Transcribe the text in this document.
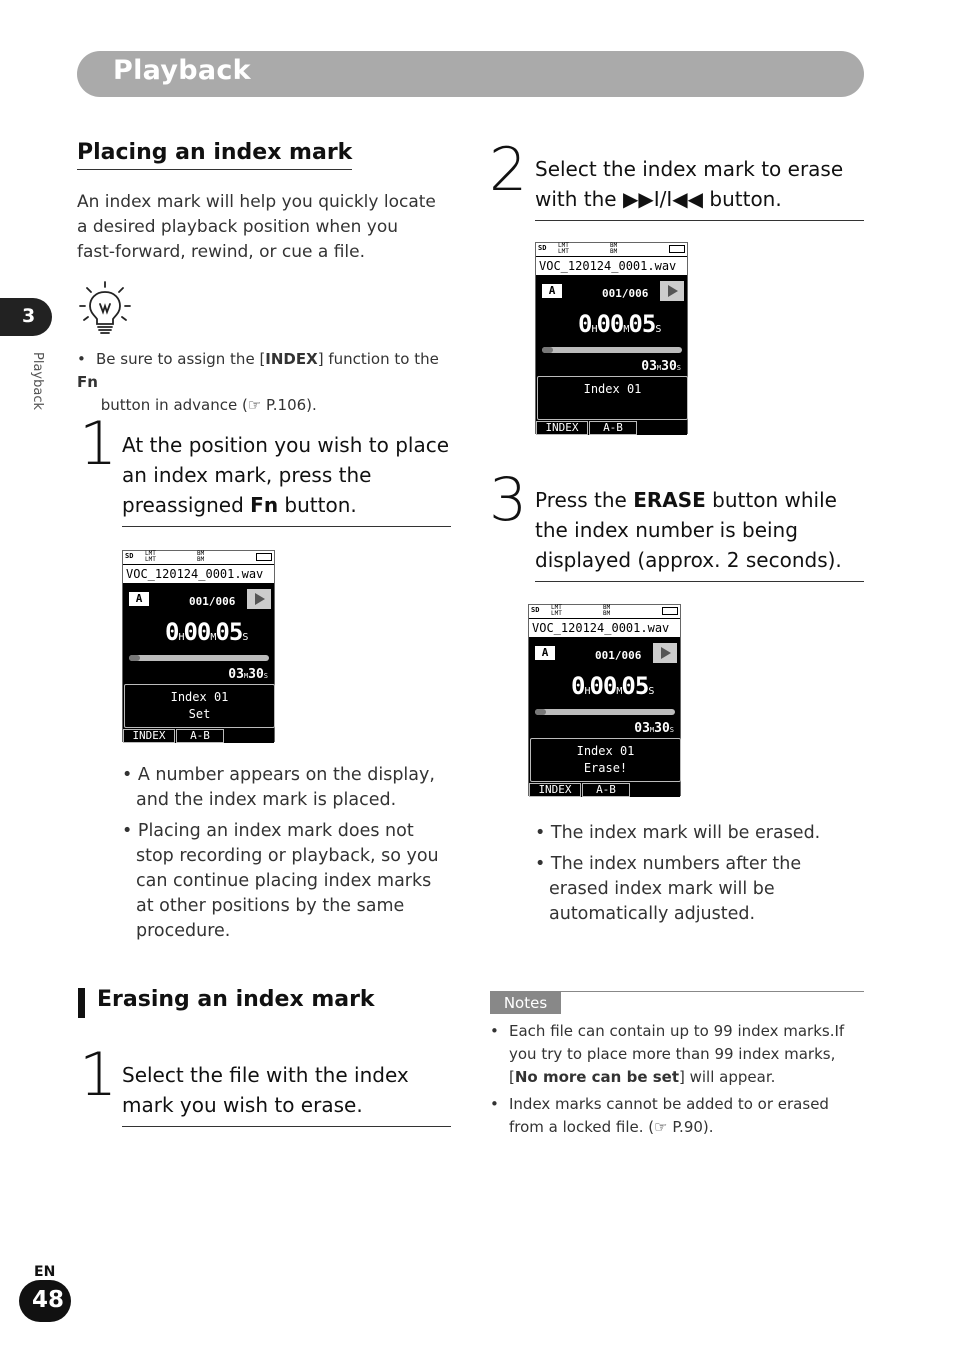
Playback
3
Playback
Placing an index mark
An index mark will help you quickly locate a desired playback position when you fast-forward, rewind, or cue a file.
• Be sure to assign the [INDEX] function to the Fn
button in advance (☞ P.106).
1 At the position you wish to place an index mark, press the preassigned Fn button.
SD LMT
LMT
BM
BM
VOC_120124_0001.wav
A	001/006
0H00M05S
03M30S
Index 01
Set
INDEX	A-B
• A number appears on the display, and the index mark is placed.
• Placing an index mark does not stop recording or playback, so you can continue placing index marks at other positions by the same procedure.
Erasing an index mark
1 Select the file with the index mark you wish to erase.
2 Select the index mark to erase with the ▶▶I/I◀◀ button.
SD LMT
LMT
BM
BM
VOC_120124_0001.wav
A	001/006
0H00M05S
03M30S
Index 01
INDEX	A-B
3 Press the ERASE button while the index number is being displayed (approx. 2 seconds).
SD LMT
LMT
BM
BM
VOC_120124_0001.wav
A	001/006
0H00M05S
03M30S
Index 01
Erase!
INDEX	A-B
• The index mark will be erased.
• The index numbers after the erased index mark will be automatically adjusted.
Notes
• Each file can contain up to 99 index marks.If you try to place more than 99 index marks, [No more can be set] will appear.
• Index marks cannot be added to or erased from a locked file. (☞ P.90).
EN
48
